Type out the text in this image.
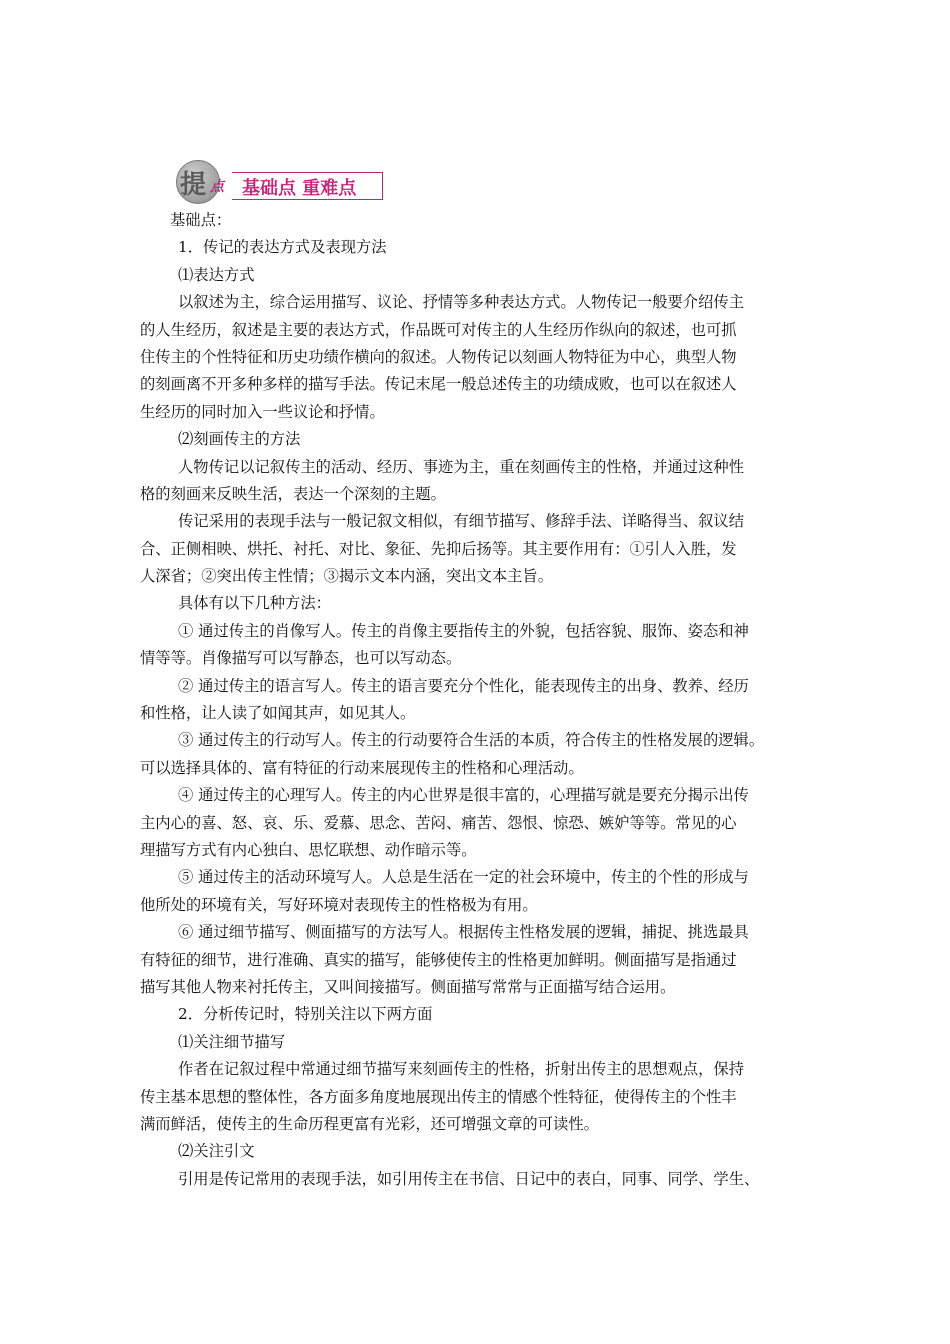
提 点 基础点 重难点
基础点：
1．传记的表达方式及表现方法
⑴表达方式
以叙述为主，综合运用描写、议论、抒情等多种表达方式。人物传记一般要介绍传主
的人生经历，叙述是主要的表达方式，作品既可对传主的人生经历作纵向的叙述，也可抓
住传主的个性特征和历史功绩作横向的叙述。人物传记以刻画人物特征为中心，典型人物
的刻画离不开多种多样的描写手法。传记末尾一般总述传主的功绩成败，也可以在叙述人
生经历的同时加入一些议论和抒情。
⑵刻画传主的方法
人物传记以记叙传主的活动、经历、事迹为主，重在刻画传主的性格，并通过这种性
格的刻画来反映生活，表达一个深刻的主题。
传记采用的表现手法与一般记叙文相似，有细节描写、修辞手法、详略得当、叙议结
合、正侧相映、烘托、衬托、对比、象征、先抑后扬等。其主要作用有：①引人入胜，发
人深省；②突出传主性情；③揭示文本内涵，突出文本主旨。
具体有以下几种方法：
① 通过传主的肖像写人。传主的肖像主要指传主的外貌，包括容貌、服饰、姿态和神
情等等。肖像描写可以写静态，也可以写动态。
② 通过传主的语言写人。传主的语言要充分个性化，能表现传主的出身、教养、经历
和性格，让人读了如闻其声，如见其人。
③ 通过传主的行动写人。传主的行动要符合生活的本质，符合传主的性格发展的逻辑。
可以选择具体的、富有特征的行动来展现传主的性格和心理活动。
④ 通过传主的心理写人。传主的内心世界是很丰富的，心理描写就是要充分揭示出传
主内心的喜、怒、哀、乐、爱慕、思念、苦闷、痛苦、怨恨、惊恐、嫉妒等等。常见的心
理描写方式有内心独白、思忆联想、动作暗示等。
⑤ 通过传主的活动环境写人。人总是生活在一定的社会环境中，传主的个性的形成与
他所处的环境有关，写好环境对表现传主的性格极为有用。
⑥ 通过细节描写、侧面描写的方法写人。根据传主性格发展的逻辑，捕捉、挑选最具
有特征的细节，进行准确、真实的描写，能够使传主的性格更加鲜明。侧面描写是指通过
描写其他人物来衬托传主，又叫间接描写。侧面描写常常与正面描写结合运用。
2．分析传记时，特别关注以下两方面
⑴关注细节描写
作者在记叙过程中常通过细节描写来刻画传主的性格，折射出传主的思想观点，保持
传主基本思想的整体性，各方面多角度地展现出传主的情感个性特征，使得传主的个性丰
满而鲜活，使传主的生命历程更富有光彩，还可增强文章的可读性。
⑵关注引文
引用是传记常用的表现手法，如引用传主在书信、日记中的表白，同事、同学、学生、
